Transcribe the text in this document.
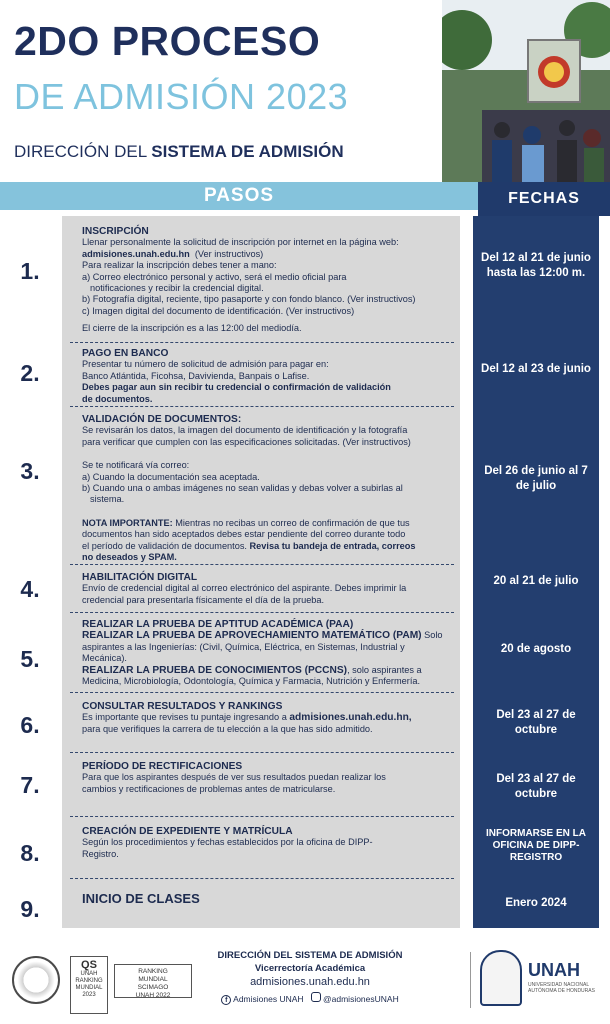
2DO PROCESO
DE ADMISIÓN 2023
DIRECCIÓN DEL SISTEMA DE ADMISIÓN
PASOS	FECHAS
1.
INSCRIPCIÓN

Llenar personalmente la solicitud de inscripción por internet en la página web:

admisiones.unah.edu.hn (Ver instructivos)

Para realizar la inscripción debes tener a mano:

a) Correo electrónico personal y activo, será el medio oficial para

notificaciones y recibir la credencial digital.

b) Fotografía digital, reciente, tipo pasaporte y con fondo blanco. (Ver instructivos)

c) Imagen digital del documento de identificación. (Ver instructivos)

El cierre de la inscripción es a las 12:00 del mediodía.

Del 12 al 21 de junio hasta las 12:00 m.
2.
PAGO EN BANCO

Presentar tu número de solicitud de admisión para pagar en:

Banco Atlántida, Ficohsa, Davivienda, Banpais o Lafise.

Debes pagar aun sin recibir tu credencial o confirmación de validación

de documentos.

Del 12 al 23 de junio
3.
VALIDACIÓN DE DOCUMENTOS:

Se revisarán los datos, la imagen del documento de identificación y la fotografía

para verificar que cumplen con las especificaciones solicitadas. (Ver instructivos)

Se te notificará vía correo:

a) Cuando la documentación sea aceptada.

b) Cuando una o ambas imágenes no sean validas y debas volver a subirlas al

sistema.

NOTA IMPORTANTE: Mientras no recibas un correo de confirmación de que tus

documentos han sido aceptados debes estar pendiente del correo durante todo

el período de validación de documentos. Revisa tu bandeja de entrada, correos

no deseados y SPAM.

Del 26 de junio al 7 de julio
4.	HABILITACIÓN DIGITAL

Envío de credencial digital al correo electrónico del aspirante. Debes imprimir la

credencial para presentarla físicamente el día de la prueba.

20 al 21 de julio
5.

REALIZAR LA PRUEBA DE APTITUD ACADÉMICA (PAA)

REALIZAR LA PRUEBA DE APROVECHAMIENTO MATEMÁTICO (PAM) Solo

aspirantes a las Ingenierías: (Civil, Química, Eléctrica, en Sistemas, Industrial y

Mecánica).

REALIZAR LA PRUEBA DE CONOCIMIENTOS (PCCNS), solo aspirantes a

Medicina, Microbiología, Odontología, Química y Farmacia, Nutrición y Enfermería.

20 de agosto
6.
CONSULTAR RESULTADOS Y RANKINGS

Es importante que revises tu puntaje ingresando a admisiones.unah.edu.hn,

para que verifiques la carrera de tu elección a la que has sido admitido.

Del 23 al 27 de octubre
7.
PERÍODO DE RECTIFICACIONES

Para que los aspirantes después de ver sus resultados puedan realizar los

cambios y rectificaciones de problemas antes de matricularse.

Del 23 al 27 de octubre
8.
CREACIÓN DE EXPEDIENTE Y MATRÍCULA

Según los procedimientos y fechas establecidos por la oficina de DIPP-

Registro.

INFORMARSE EN LA OFICINA DE DIPP-REGISTRO
9.	INICIO DE CLASES	Enero 2024
QS
UNAH
RANKING
MUNDIAL
2023
RANKING
MUNDIAL
SCIMAGO
UNAH 2022
DIRECCIÓN DEL SISTEMA DE ADMISIÓN
Vicerrectoría Académica
admisiones.unah.edu.hn
f Admisiones UNAH @admisionesUNAH
UNAH
UNIVERSIDAD NACIONAL AUTÓNOMA DE HONDURAS
